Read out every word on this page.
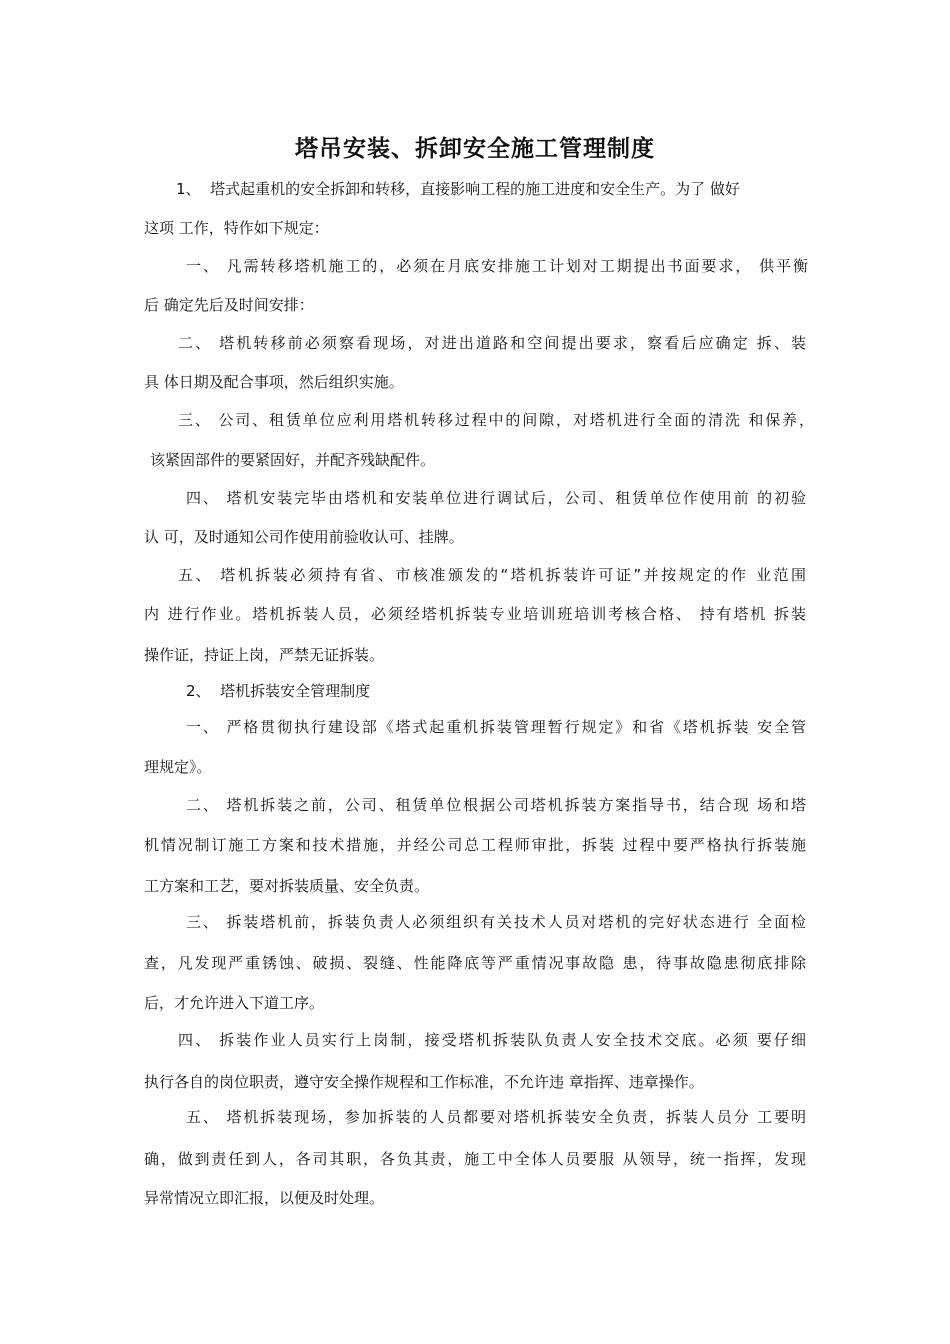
塔吊安装、拆卸安全施工管理制度
1、  塔式起重机的安全拆卸和转移，直接影响工程的施工进度和安全生产。为了 做好
这项 工作，特作如下规定：
一、 凡需转移塔机施工的，必须在月底安排施工计划对工期提出书面要求， 供平衡
后 确定先后及时间安排：
二、 塔机转移前必须察看现场，对进出道路和空间提出要求，察看后应确定 拆、装
具 体日期及配合事项，然后组织实施。
三、 公司、租赁单位应利用塔机转移过程中的间隙，对塔机进行全面的清洗 和保养，
该紧固部件的要紧固好，并配齐残缺配件。
四、 塔机安装完毕由塔机和安装单位进行调试后，公司、租赁单位作使用前 的初验
认 可，及时通知公司作使用前验收认可、挂牌。
五、 塔机拆装必须持有省、市核准颁发的“塔机拆装许可证”并按规定的作 业范围
内 进行作业。塔机拆装人员，必须经塔机拆装专业培训班培训考核合格、 持有塔机 拆装
操作证，持证上岗，严禁无证拆装。
2、  塔机拆装安全管理制度
一、 严格贯彻执行建设部《塔式起重机拆装管理暂行规定》和省《塔机拆装 安全管
理规定》。
二、 塔机拆装之前，公司、租赁单位根据公司塔机拆装方案指导书，结合现 场和塔
机情况制订施工方案和技术措施，并经公司总工程师审批，拆装 过程中要严格执行拆装施
工方案和工艺，要对拆装质量、安全负责。
三、 拆装塔机前，拆装负责人必须组织有关技术人员对塔机的完好状态进行 全面检
查，凡发现严重锈蚀、破损、裂缝、性能降底等严重情况事故隐 患，待事故隐患彻底排除
后，才允许进入下道工序。
四、 拆装作业人员实行上岗制，接受塔机拆装队负责人安全技术交底。必须 要仔细
执行各自的岗位职责，遵守安全操作规程和工作标准，不允许违 章指挥、违章操作。
五、 塔机拆装现场，参加拆装的人员都要对塔机拆装安全负责，拆装人员分 工要明
确，做到责任到人，各司其职，各负其责，施工中全体人员要服 从领导，统一指挥，发现
异常情况立即汇报，以便及时处理。
